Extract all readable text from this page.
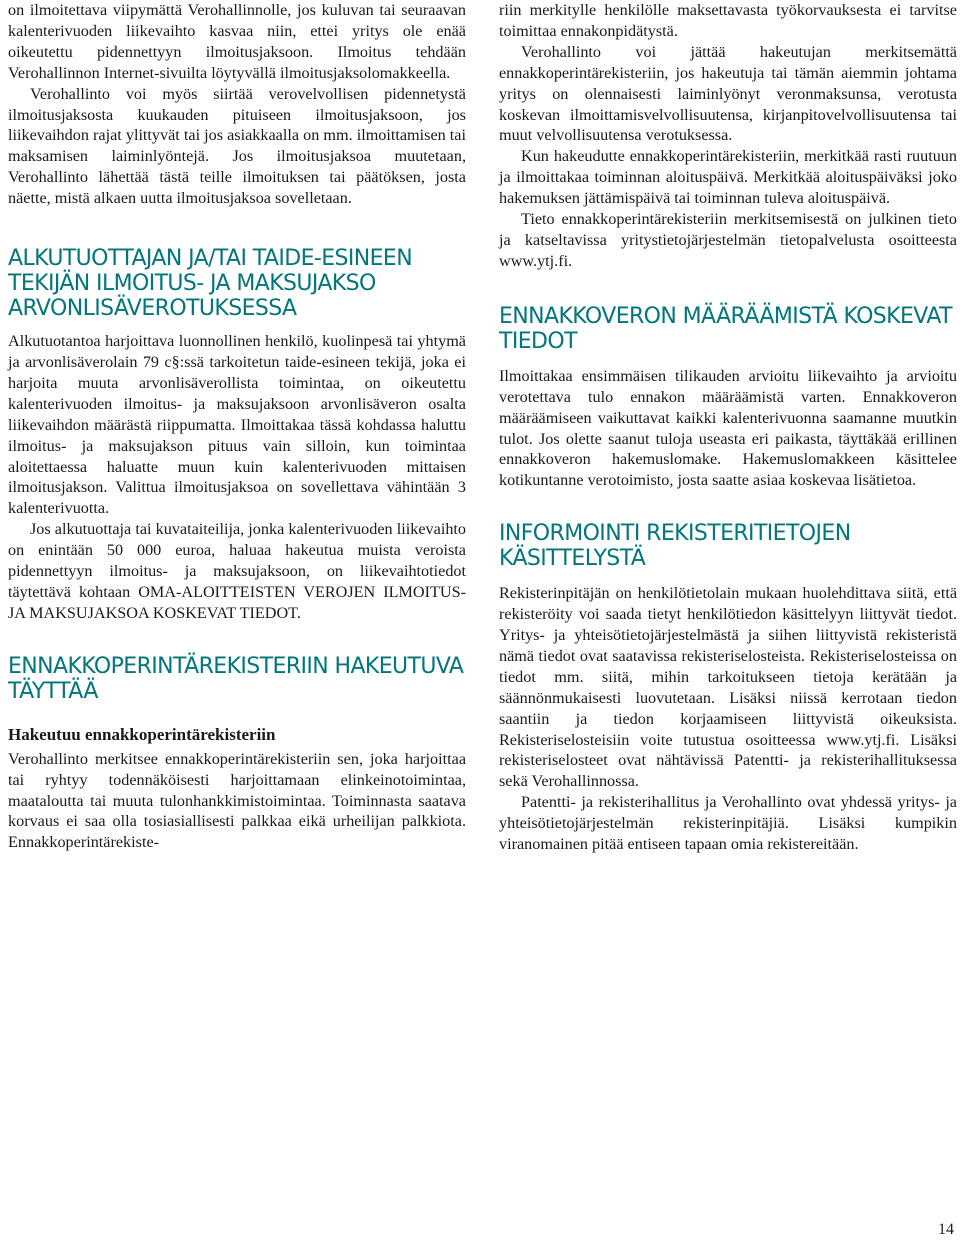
on ilmoitettava viipymättä Verohallinnolle, jos kuluvan tai seuraavan kalenterivuoden liikevaihto kasvaa niin, ettei yritys ole enää oikeutettu pidennettyyn ilmoitusjaksoon. Ilmoitus tehdään Verohallinnon Internet-sivuilta löytyvällä ilmoitusjaksolomakkeella.

Verohallinto voi myös siirtää verovelvollisen pidennetystä ilmoitusjaksosta kuukauden pituiseen ilmoitusjaksoon, jos liikevaihdon rajat ylittyvät tai jos asiakkaalla on mm. ilmoittamisen tai maksamisen laiminlyöntejä. Jos ilmoitusjaksoa muutetaan, Verohallinto lähettää tästä teille ilmoituksen tai päätöksen, josta näette, mistä alkaen uutta ilmoitusjaksoa sovelletaan.

ALKUTUOTTAJAN JA/TAI TAIDE-ESINEEN TEKIJÄN ILMOITUS- JA MAKSUJAKSO ARVONLISÄVEROTUKSESSA

Alkutuotantoa harjoittava luonnollinen henkilö, kuolinpesä tai yhtymä ja arvonlisäverolain 79 c§:ssä tarkoitetun taide-esineen tekijä, joka ei harjoita muuta arvonlisäverollista toimintaa, on oikeutettu kalenterivuoden ilmoitus- ja maksujaksoon arvonlisäveron osalta liikevaihdon määrästä riippumatta. Ilmoittakaa tässä kohdassa haluttu ilmoitus- ja maksujakson pituus vain silloin, kun toimintaa aloitettaessa haluatte muun kuin kalenterivuoden mittaisen ilmoitusjakson. Valittua ilmoitusjaksoa on sovellettava vähintään 3 kalenterivuotta.

Jos alkutuottaja tai kuvataiteilija, jonka kalenterivuoden liikevaihto on enintään 50 000 euroa, haluaa hakeutua muista veroista pidennettyyn ilmoitus- ja maksujaksoon, on liikevaihtotiedot täytettävä kohtaan OMA-ALOITTEISTEN VEROJEN ILMOITUS- JA MAKSUJAKSOA KOSKEVAT TIEDOT.

ENNAKKOPERINTÄREKISTERIIN HAKEUTUVA TÄYTTÄÄ
Hakeutuu ennakkoperintärekisteriin

Verohallinto merkitsee ennakkoperintärekisteriin sen, joka harjoittaa tai ryhtyy todennäköisesti harjoittamaan elinkeinotoimintaa, maataloutta tai muuta tulonhankkimistoimintaa. Toiminnasta saatava korvaus ei saa olla tosiasiallisesti palkkaa eikä urheilijan palkkiota. Ennakkoperintärekiste-

riin merkitylle henkilölle maksettavasta työkorvauksesta ei tarvitse toimittaa ennakonpidätystä.

Verohallinto voi jättää hakeutujan merkitsemättä ennakkoperintärekisteriin, jos hakeutuja tai tämän aiemmin johtama yritys on olennaisesti laiminlyönyt veronmaksunsa, verotusta koskevan ilmoittamisvelvollisuutensa, kirjanpitovelvollisuutensa tai muut velvollisuutensa verotuksessa.

Kun hakeudutte ennakkoperintärekisteriin, merkitkää rasti ruutuun ja ilmoittakaa toiminnan aloituspäivä. Merkitkää aloituspäiväksi joko hakemuksen jättämispäivä tai toiminnan tuleva aloituspäivä.

Tieto ennakkoperintärekisteriin merkitsemisestä on julkinen tieto ja katseltavissa yritystietojärjestelmän tietopalvelusta osoitteesta www.ytj.fi.

ENNAKKOVERON MÄÄRÄÄMISTÄ KOSKEVAT TIEDOT

Ilmoittakaa ensimmäisen tilikauden arvioitu liikevaihto ja arvioitu verotettava tulo ennakon määräämistä varten. Ennakkoveron määräämiseen vaikuttavat kaikki kalenterivuonna saamanne muutkin tulot. Jos olette saanut tuloja useasta eri paikasta, täyttäkää erillinen ennakkoveron hakemuslomake. Hakemuslomakkeen käsittelee kotikuntanne verotoimisto, josta saatte asiaa koskevaa lisätietoa.

INFORMOINTI REKISTERITIETOJEN KÄSITTELYSTÄ

Rekisterinpitäjän on henkilötietolain mukaan huolehdittava siitä, että rekisteröity voi saada tietyt henkilötiedon käsittelyyn liittyvät tiedot. Yritys- ja yhteisötietojärjestelmästä ja siihen liittyvistä rekisteristä nämä tiedot ovat saatavissa rekisteriselosteista. Rekisteriselosteissa on tiedot mm. siitä, mihin tarkoitukseen tietoja kerätään ja säännönmukaisesti luovutetaan. Lisäksi niissä kerrotaan tiedon saantiin ja tiedon korjaamiseen liittyvistä oikeuksista. Rekisteriselosteisiin voite tutustua osoitteessa www.ytj.fi. Lisäksi rekisteriselosteet ovat nähtävissä Patentti- ja rekisterihallituksessa sekä Verohallinnossa.

Patentti- ja rekisterihallitus ja Verohallinto ovat yhdessä yritys- ja yhteisötietojärjestelmän rekisterinpitäjiä. Lisäksi kumpikin viranomainen pitää entiseen tapaan omia rekistereitään.

14
